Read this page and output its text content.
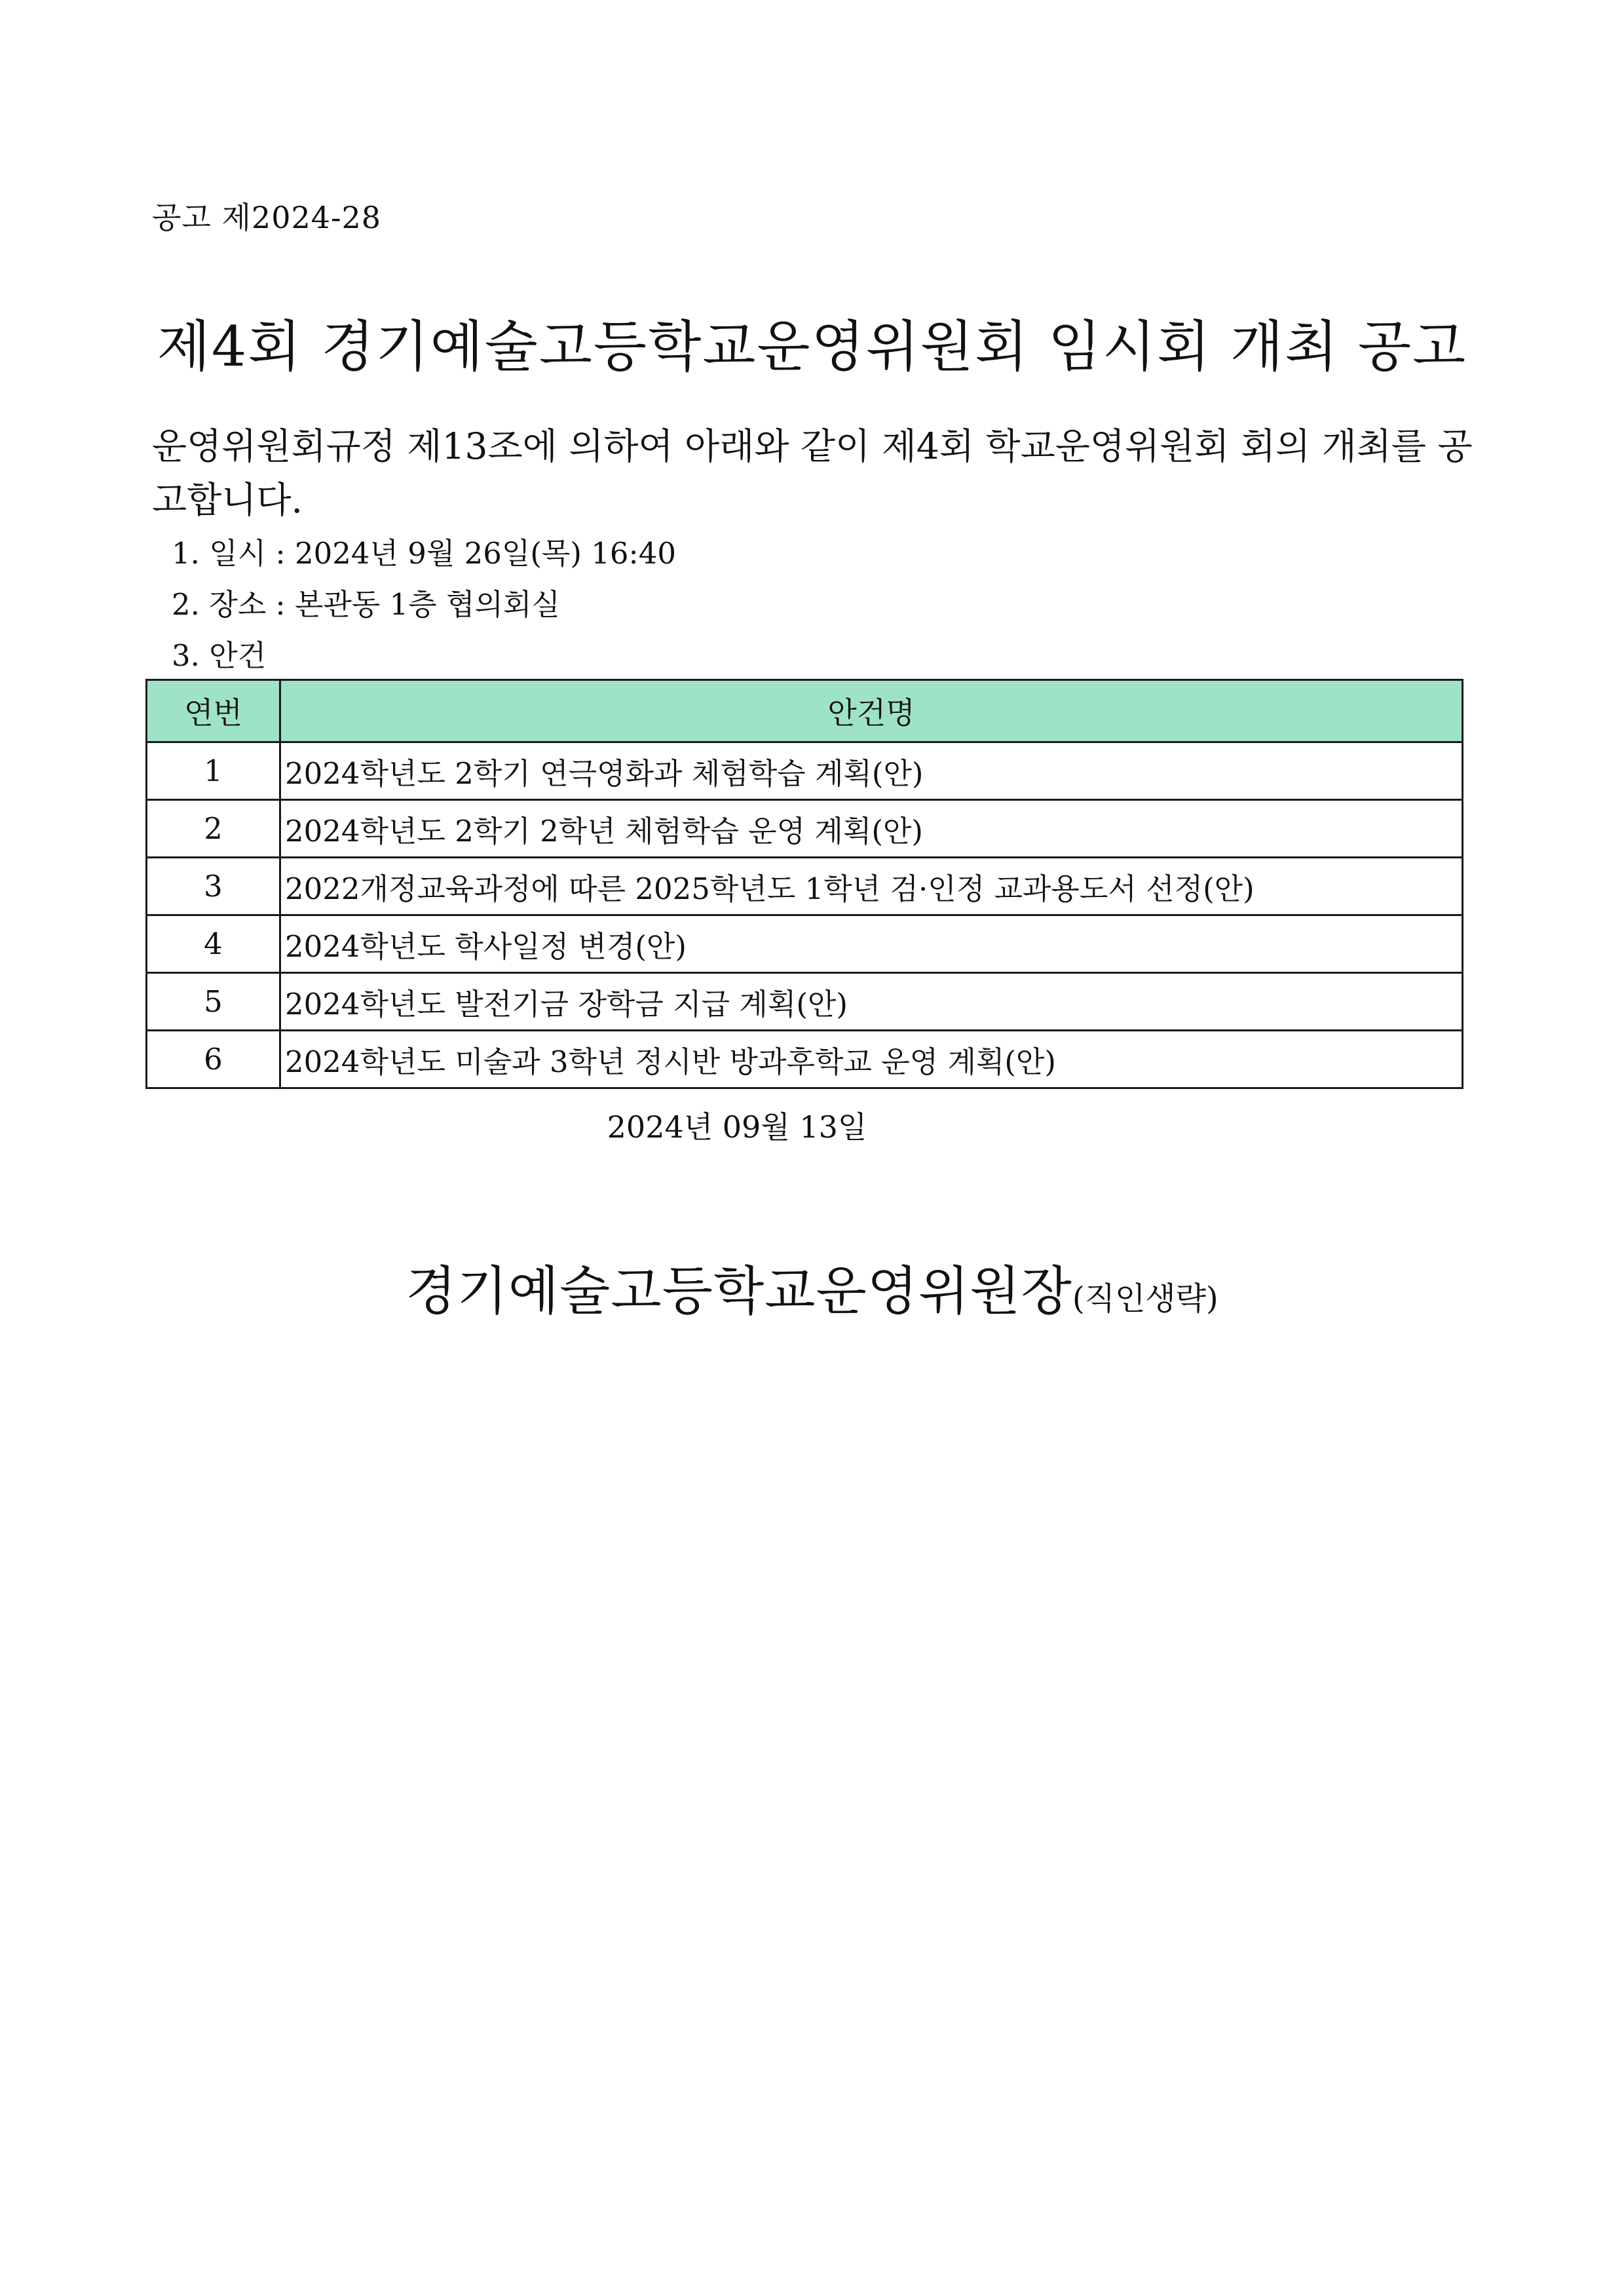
공고 제2024-28
제4회 경기예술고등학교운영위원회 임시회 개최 공고
운영위원회규정 제13조에 의하여 아래와 같이 제4회 학교운영위원회 회의 개최를 공고합니다.
1. 일시 : 2024년 9월 26일(목) 16:40
2. 장소 : 본관동 1층 협의회실
3. 안건
연번	안건명
1	2024학년도 2학기 연극영화과 체험학습 계획(안)
2	2024학년도 2학기 2학년 체험학습 운영 계획(안)
3	2022개정교육과정에 따른 2025학년도 1학년 검·인정 교과용도서 선정(안)
4	2024학년도 학사일정 변경(안)
5	2024학년도 발전기금 장학금 지급 계획(안)
6	2024학년도 미술과 3학년 정시반 방과후학교 운영 계획(안)
2024년 09월 13일
경기예술고등학교운영위원장(직인생략)
